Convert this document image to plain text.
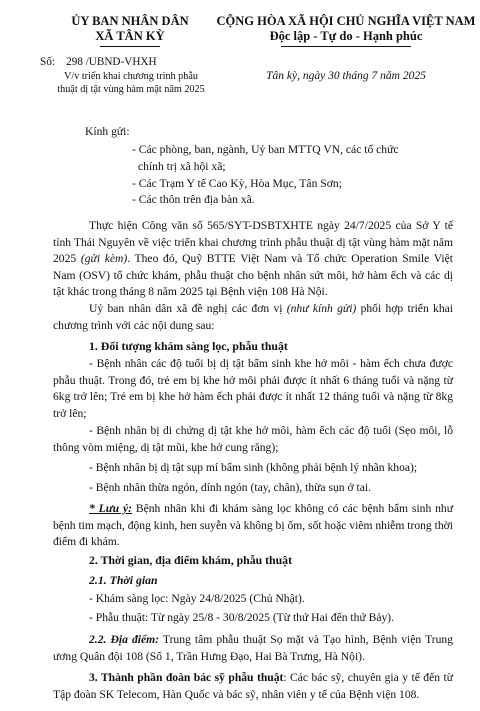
ỦY BAN NHÂN DÂN
XÃ TÂN KỲ
Số: 298 /UBND-VHXH
V/v triển khai chương trình phẫu
thuật dị tật vùng hàm mặt năm 2025
CỘNG HÒA XÃ HỘI CHỦ NGHĨA VIỆT NAM
Độc lập - Tự do - Hạnh phúc
Tân kỳ, ngày 30 tháng 7 năm 2025
Kính gửi:
- Các phòng, ban, ngành, Uỷ ban MTTQ VN, các tổ chức
chính trị xã hội xã;
- Các Trạm Y tế Cao Kỳ, Hòa Mục, Tân Sơn;
- Các thôn trên địa bàn xã.
Thực hiện Công văn số 565/SYT-DSBTXHTE ngày 24/7/2025 của Sở Y tế tỉnh Thái Nguyên về việc triển khai chương trình phẫu thuật dị tật vùng hàm mặt năm 2025 (gửi kèm). Theo đó, Quỹ BTTE Việt Nam và Tổ chức Operation Smile Việt Nam (OSV) tổ chức khám, phẫu thuật cho bệnh nhân sứt môi, hở hàm ếch và các dị tật khác trong tháng 8 năm 2025 tại Bệnh viện 108 Hà Nội.
Uỷ ban nhân dân xã đề nghị các đơn vị (như kính gửi) phối hợp triển khai chương trình với các nội dung sau:
1. Đối tượng khám sàng lọc, phẫu thuật
- Bệnh nhân các độ tuổi bị dị tật bẩm sinh khe hở môi - hàm ếch chưa được phẫu thuật. Trong đó, trẻ em bị khe hở môi phải được ít nhất 6 tháng tuổi và nặng từ 6kg trở lên; Trẻ em bị khe hở hàm ếch phải được ít nhất 12 tháng tuổi và nặng từ 8kg trở lên;
- Bệnh nhân bị di chứng dị tật khe hở môi, hàm ếch các độ tuổi (Sẹo môi, lỗ thông vòm miệng, dị tật mũi, khe hở cung răng);
- Bệnh nhân bị dị tật sụp mí bẩm sinh (không phải bệnh lý nhãn khoa);
- Bệnh nhân thừa ngón, dính ngón (tay, chân), thừa sụn ở tai.
* Lưu ý: Bệnh nhân khi đi khám sàng lọc không có các bệnh bẩm sinh như bệnh tim mạch, động kinh, hen suyễn và không bị ốm, sốt hoặc viêm nhiễm trong thời điểm đi khám.
2. Thời gian, địa điểm khám, phẫu thuật
2.1. Thời gian
- Khám sàng lọc: Ngày 24/8/2025 (Chủ Nhật).
- Phẫu thuật: Từ ngày 25/8 - 30/8/2025 (Từ thứ Hai đến thứ Bảy).
2.2. Địa điểm: Trung tâm phẫu thuật Sọ mặt và Tạo hình, Bệnh viện Trung ương Quân đội 108 (Số 1, Trần Hưng Đạo, Hai Bà Trưng, Hà Nội).
3. Thành phần đoàn bác sỹ phẫu thuật: Các bác sỹ, chuyên gia y tế đến từ Tập đoàn SK Telecom, Hàn Quốc và bác sỹ, nhân viên y tế của Bệnh viện 108.
